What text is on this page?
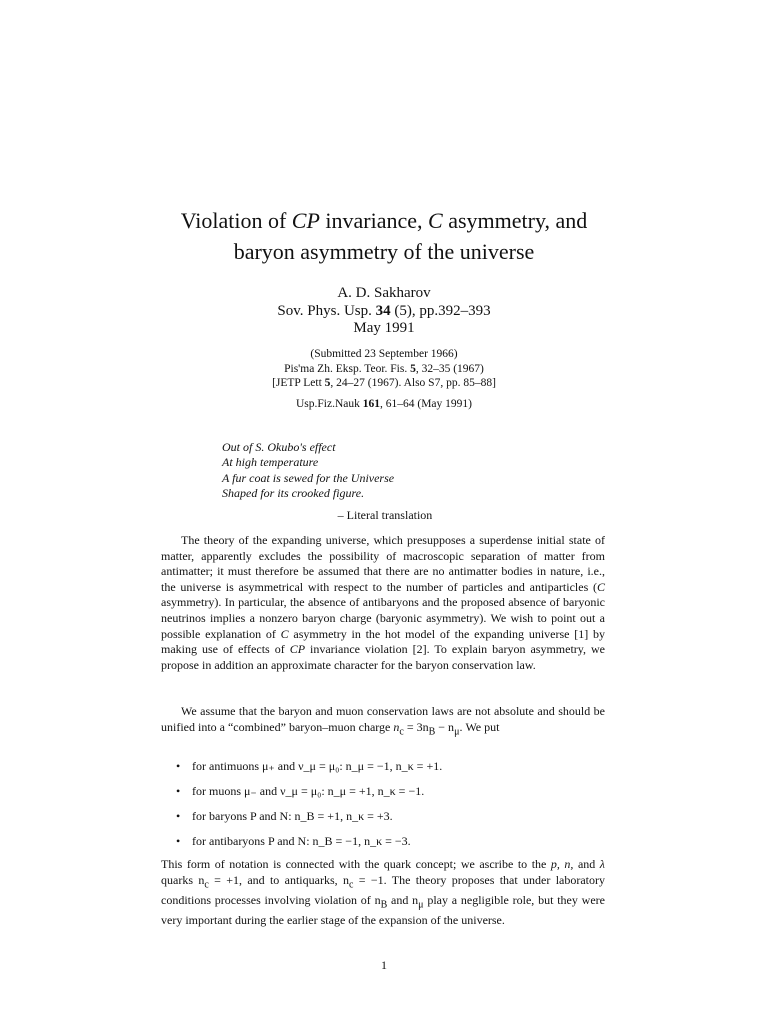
Violation of CP invariance, C asymmetry, and
baryon asymmetry of the universe
A. D. Sakharov
Sov. Phys. Usp. 34 (5), pp.392–393
May 1991
(Submitted 23 September 1966)
Pis'ma Zh. Eksp. Teor. Fis. 5, 32–35 (1967)
[JETP Lett 5, 24–27 (1967). Also S7, pp. 85–88]
Usp.Fiz.Nauk 161, 61–64 (May 1991)
Out of S. Okubo's effect
At high temperature
A fur coat is sewed for the Universe
Shaped for its crooked figure.
– Literal translation
The theory of the expanding universe, which presupposes a superdense initial state of matter, apparently excludes the possibility of macroscopic separation of matter from antimatter; it must therefore be assumed that there are no antimatter bodies in nature, i.e., the universe is asymmetrical with respect to the number of particles and antiparticles (C asymmetry). In particular, the absence of antibaryons and the proposed absence of baryonic neutrinos implies a nonzero baryon charge (baryonic asymmetry). We wish to point out a possible explanation of C asymmetry in the hot model of the expanding universe [1] by making use of effects of CP invariance violation [2]. To explain baryon asymmetry, we propose in addition an approximate character for the baryon conservation law.
We assume that the baryon and muon conservation laws are not absolute and should be unified into a “combined” baryon–muon charge $n_c = 3n_B - n_\mu$. We put
• for antimuons μ₊ and ν_μ = μ₀: n_μ = −1, n_κ = +1.
• for muons μ₋ and ν_μ = μ₀: n_μ = +1, n_κ = −1.
• for baryons P and N: n_B = +1, n_κ = +3.
• for antibaryons P and N: n_B = −1, n_κ = −3.
This form of notation is connected with the quark concept; we ascribe to the p, n, and λ quarks $n_c = +1$, and to antiquarks, $n_c = -1$. The theory proposes that under laboratory conditions processes involving violation of $n_B$ and $n_\mu$ play a negligible role, but they were very important during the earlier stage of the expansion of the universe.
1
